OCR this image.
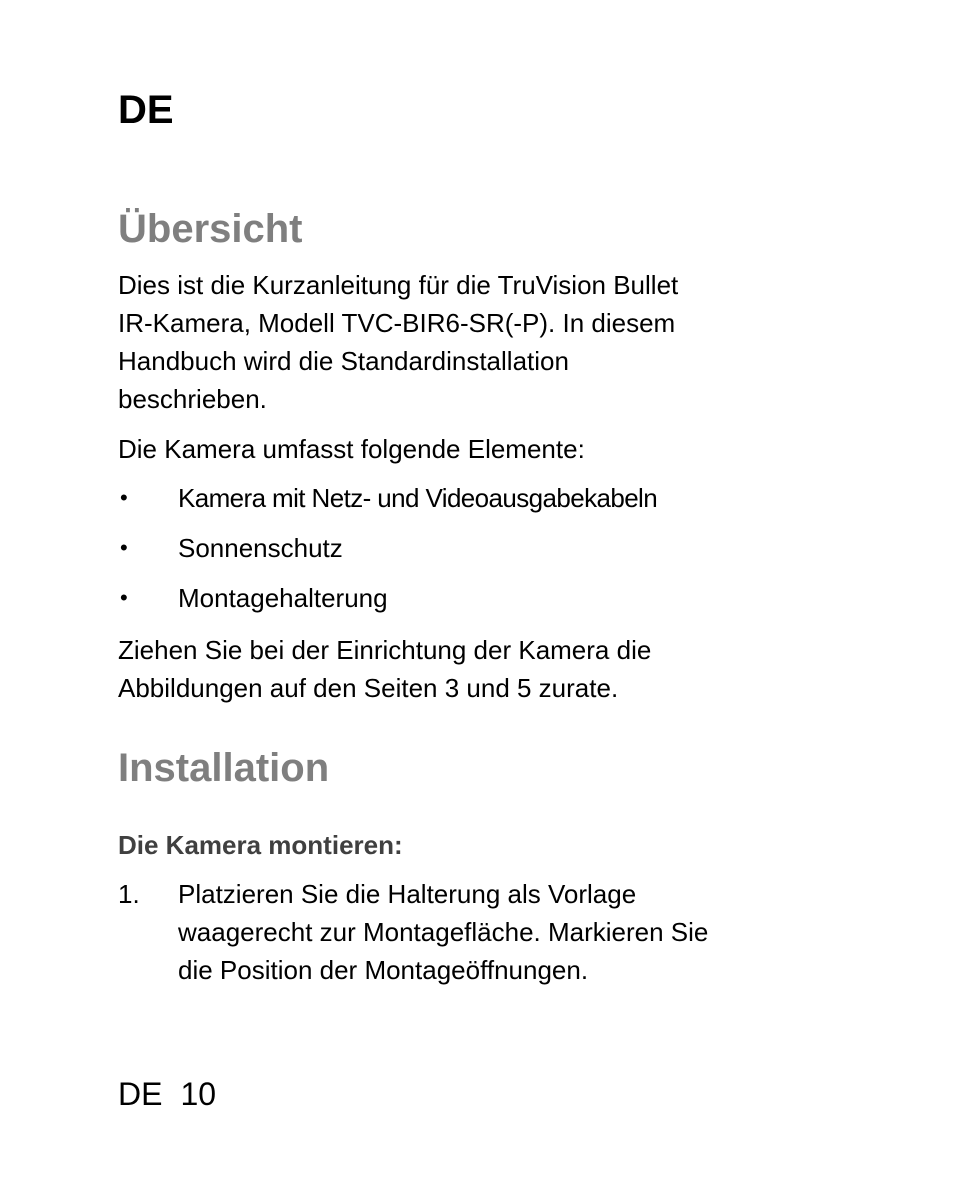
DE
Übersicht

Dies ist die Kurzanleitung für die TruVision Bullet
IR-Kamera, Modell TVC-BIR6-SR(-P). In diesem
Handbuch wird die Standardinstallation
beschrieben.

Die Kamera umfasst folgende Elemente:

• Kamera mit Netz- und Videoausgabekabeln
• Sonnenschutz
• Montagehalterung

Ziehen Sie bei der Einrichtung der Kamera die
Abbildungen auf den Seiten 3 und 5 zurate.

Installation
Die Kamera montieren:
1. Platzieren Sie die Halterung als Vorlage
waagerecht zur Montagefläche. Markieren Sie
die Position der Montageöffnungen.
DE 10
